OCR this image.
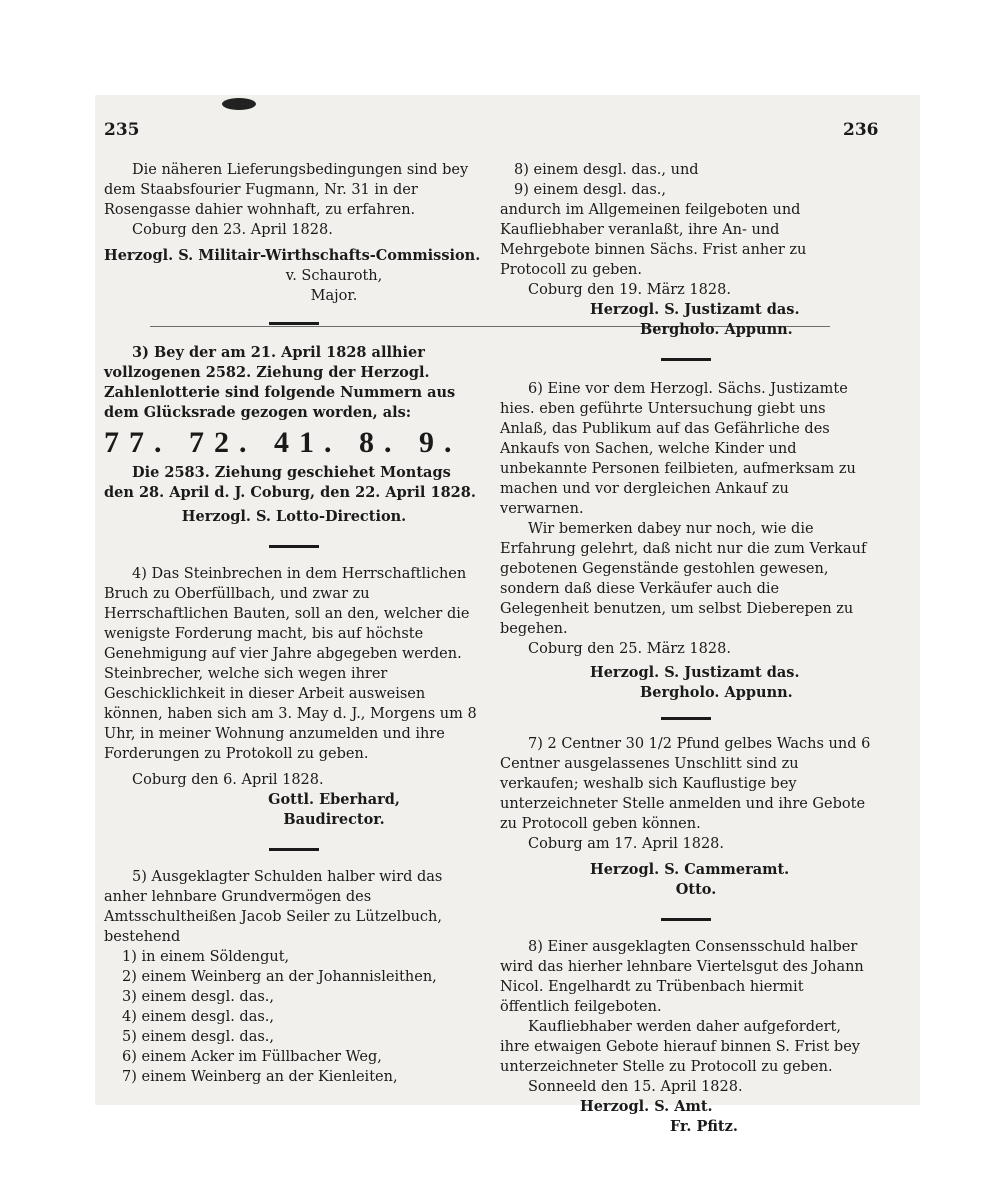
235	236

Die näheren Lieferungsbedingungen sind bey dem Staabsfourier Fugmann, Nr. 31 in der Rosengasse dahier wohnhaft, zu erfahren.

Coburg den 23. April 1828.

Herzogl. S. Militair-Wirthschafts-Commission.

v. Schauroth,

Major.

3) Bey der am 21. April 1828 allhier vollzogenen 2582. Ziehung der Herzogl. Zahlenlotterie sind folgende Nummern aus dem Glücksrade gezogen worden, als:

77. 72. 41. 8. 9.

Die 2583. Ziehung geschiehet Montags den 28. April d. J. Coburg, den 22. April 1828.

Herzogl. S. Lotto-Direction.

4) Das Steinbrechen in dem Herrschaftlichen Bruch zu Oberfüllbach, und zwar zu Herrschaftlichen Bauten, soll an den, welcher die wenigste Forderung macht, bis auf höchste Genehmigung auf vier Jahre abgegeben werden. Steinbrecher, welche sich wegen ihrer Geschicklichkeit in dieser Arbeit ausweisen können, haben sich am 3. May d. J., Morgens um 8 Uhr, in meiner Wohnung anzumelden und ihre Forderungen zu Protokoll zu geben.

Coburg den 6. April 1828.

Gottl. Eberhard,

Baudirector.

5) Ausgeklagter Schulden halber wird das anher lehnbare Grundvermögen des Amtsschultheißen Jacob Seiler zu Lützelbuch, bestehend

1) in einem Söldengut,
2) einem Weinberg an der Johannisleithen,
3) einem desgl. das.,
4) einem desgl. das.,
5) einem desgl. das.,
6) einem Acker im Füllbacher Weg,
7) einem Weinberg an der Kienleiten,
8) einem desgl. das., und
9) einem desgl. das.,

andurch im Allgemeinen feilgeboten und Kaufliebhaber veranlaßt, ihre An- und Mehrgebote binnen Sächs. Frist anher zu Protocoll zu geben.

Coburg den 19. März 1828.

Herzogl. S. Justizamt das.

Bergholo. Appunn.

6) Eine vor dem Herzogl. Sächs. Justizamte hies. eben geführte Untersuchung giebt uns Anlaß, das Publikum auf das Gefährliche des Ankaufs von Sachen, welche Kinder und unbekannte Personen feilbieten, aufmerksam zu machen und vor dergleichen Ankauf zu verwarnen.

Wir bemerken dabey nur noch, wie die Erfahrung gelehrt, daß nicht nur die zum Verkauf gebotenen Gegenstände gestohlen gewesen, sondern daß diese Verkäufer auch die Gelegenheit benutzen, um selbst Dieberepen zu begehen.

Coburg den 25. März 1828.

Herzogl. S. Justizamt das.

Bergholo. Appunn.

7) 2 Centner 30 1/2 Pfund gelbes Wachs und 6 Centner ausgelassenes Unschlitt sind zu verkaufen; weshalb sich Kauflustige bey unterzeichneter Stelle anmelden und ihre Gebote zu Protocoll geben können.

Coburg am 17. April 1828.

Herzogl. S. Cammeramt.

Otto.

8) Einer ausgeklagten Consensschuld halber wird das hierher lehnbare Viertelsgut des Johann Nicol. Engelhardt zu Trübenbach hiermit öffentlich feilgeboten.

Kaufliebhaber werden daher aufgefordert, ihre etwaigen Gebote hierauf binnen S. Frist bey unterzeichneter Stelle zu Protocoll zu geben.

Sonneeld den 15. April 1828.

Herzogl. S. Amt.

Fr. Pfitz.
